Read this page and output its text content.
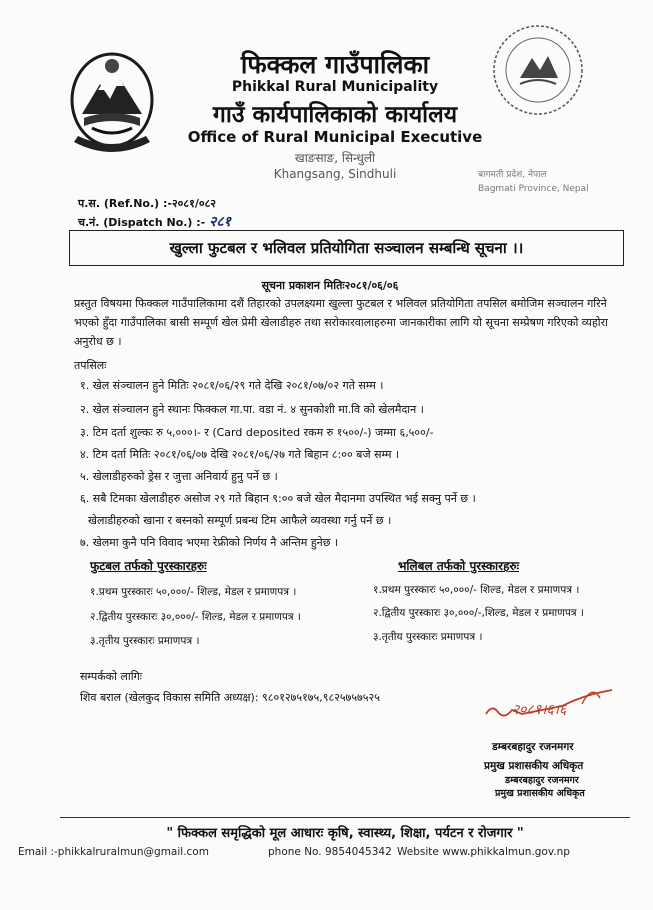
फिक्कल गाउँपालिका
Phikkal Rural Municipality
गाउँ कार्यपालिकाको कार्यालय
Office of Rural Municipal Executive
खाङसाङ, सिन्धुली
Khangsang, Sindhuli	बागमती प्रदेश, नेपाल
Bagmati Province, Nepal
प.स. (Ref.No.) :-२०८१/०८२
च.नं. (Dispatch No.) :- २८१
खुल्ला फुटबल र भलिवल प्रतियोगिता सञ्चालन सम्बन्धि सूचना ।।
सूचना प्रकाशन मितिः२०८१/०६/०६
प्रस्तुत विषयमा फिक्कल गाउँपालिकामा दशैं तिहारको उपलक्ष्यमा खुल्ला फुटबल र भलिवल प्रतियोगिता तपसिल बमोजिम सञ्चालन गरिने भएको हुँदा गाउँपालिका बासी सम्पूर्ण खेल प्रेमी खेलाडीहरु तथा सरोकारवालाहरुमा जानकारीका लागि यो सूचना सम्प्रेषण गरिएको व्यहोरा अनुरोध छ ।
तपसिलः
१. खेल संञ्चालन हुने मितिः २०८१/०६/२९ गते देखि २०८१/०७/०२ गते सम्म ।
२. खेल संञ्चालन हुने स्थानः फिक्कल गा.पा. वडा नं. ४ सुनकोशी मा.वि को खेलमैदान ।
३. टिम दर्ता शुल्कः रु ५,०००।- र (Card deposited रकम रु १५००/-) जम्मा ६,५००/-
४. टिम दर्ता मितिः २०८१/०६/०७ देखि २०८१/०६/२७ गते बिहान ८:०० बजे सम्म ।
५. खेलाडीहरुको ड्रेस र जुत्ता अनिवार्य हुनु पर्ने छ ।
६. सबै टिमका खेलाडीहरु असोज २९ गते बिहान ९:०० बजे खेल मैदानमा उपस्थित भई सक्नु पर्ने छ ।
खेलाडीहरुको खाना र बस्नको सम्पूर्ण प्रबन्ध टिम आफैले व्यवस्था गर्नु पर्ने छ ।
७. खेलमा कुनै पनि विवाद भएमा रेफ्रीको निर्णय नै अन्तिम हुनेछ ।
फुटबल तर्फको पुरस्कारहरुः
१.प्रथम पुरस्कारः ५०,०००/- शिल्ड, मेडल र प्रमाणपत्र ।
२.द्वितीय पुरस्कारः ३०,०००/- शिल्ड, मेडल र प्रमाणपत्र ।
३.तृतीय पुरस्कारः प्रमाणपत्र ।
भलिबल तर्फको पुरस्कारहरुः
१.प्रथम पुरस्कारः ५०,०००/- शिल्ड, मेडल र प्रमाणपत्र ।
२.द्वितीय पुरस्कारः ३०,०००/-,शिल्ड, मेडल र प्रमाणपत्र ।
३.तृतीय पुरस्कारः प्रमाणपत्र ।
सम्पर्कको लागिः
शिव बराल (खेलकुद विकास समिति अध्यक्ष): ९८०१२७५१७५,९८२५७५७५२५
२०८१।६।६
डम्बरबहादुर रजनमगर
प्रमुख प्रशासकीय अधिकृत
डम्बरबहादुर रजनमगर
प्रमुख प्रशासकीय अधिकृत
" फिक्कल समृद्धिको मूल आधारः कृषि, स्वास्थ्य, शिक्षा, पर्यटन र रोजगार "
Email :-phikkalruralmun@gmail.com	phone No. 9854045342 Website www.phikkalmun.gov.np
